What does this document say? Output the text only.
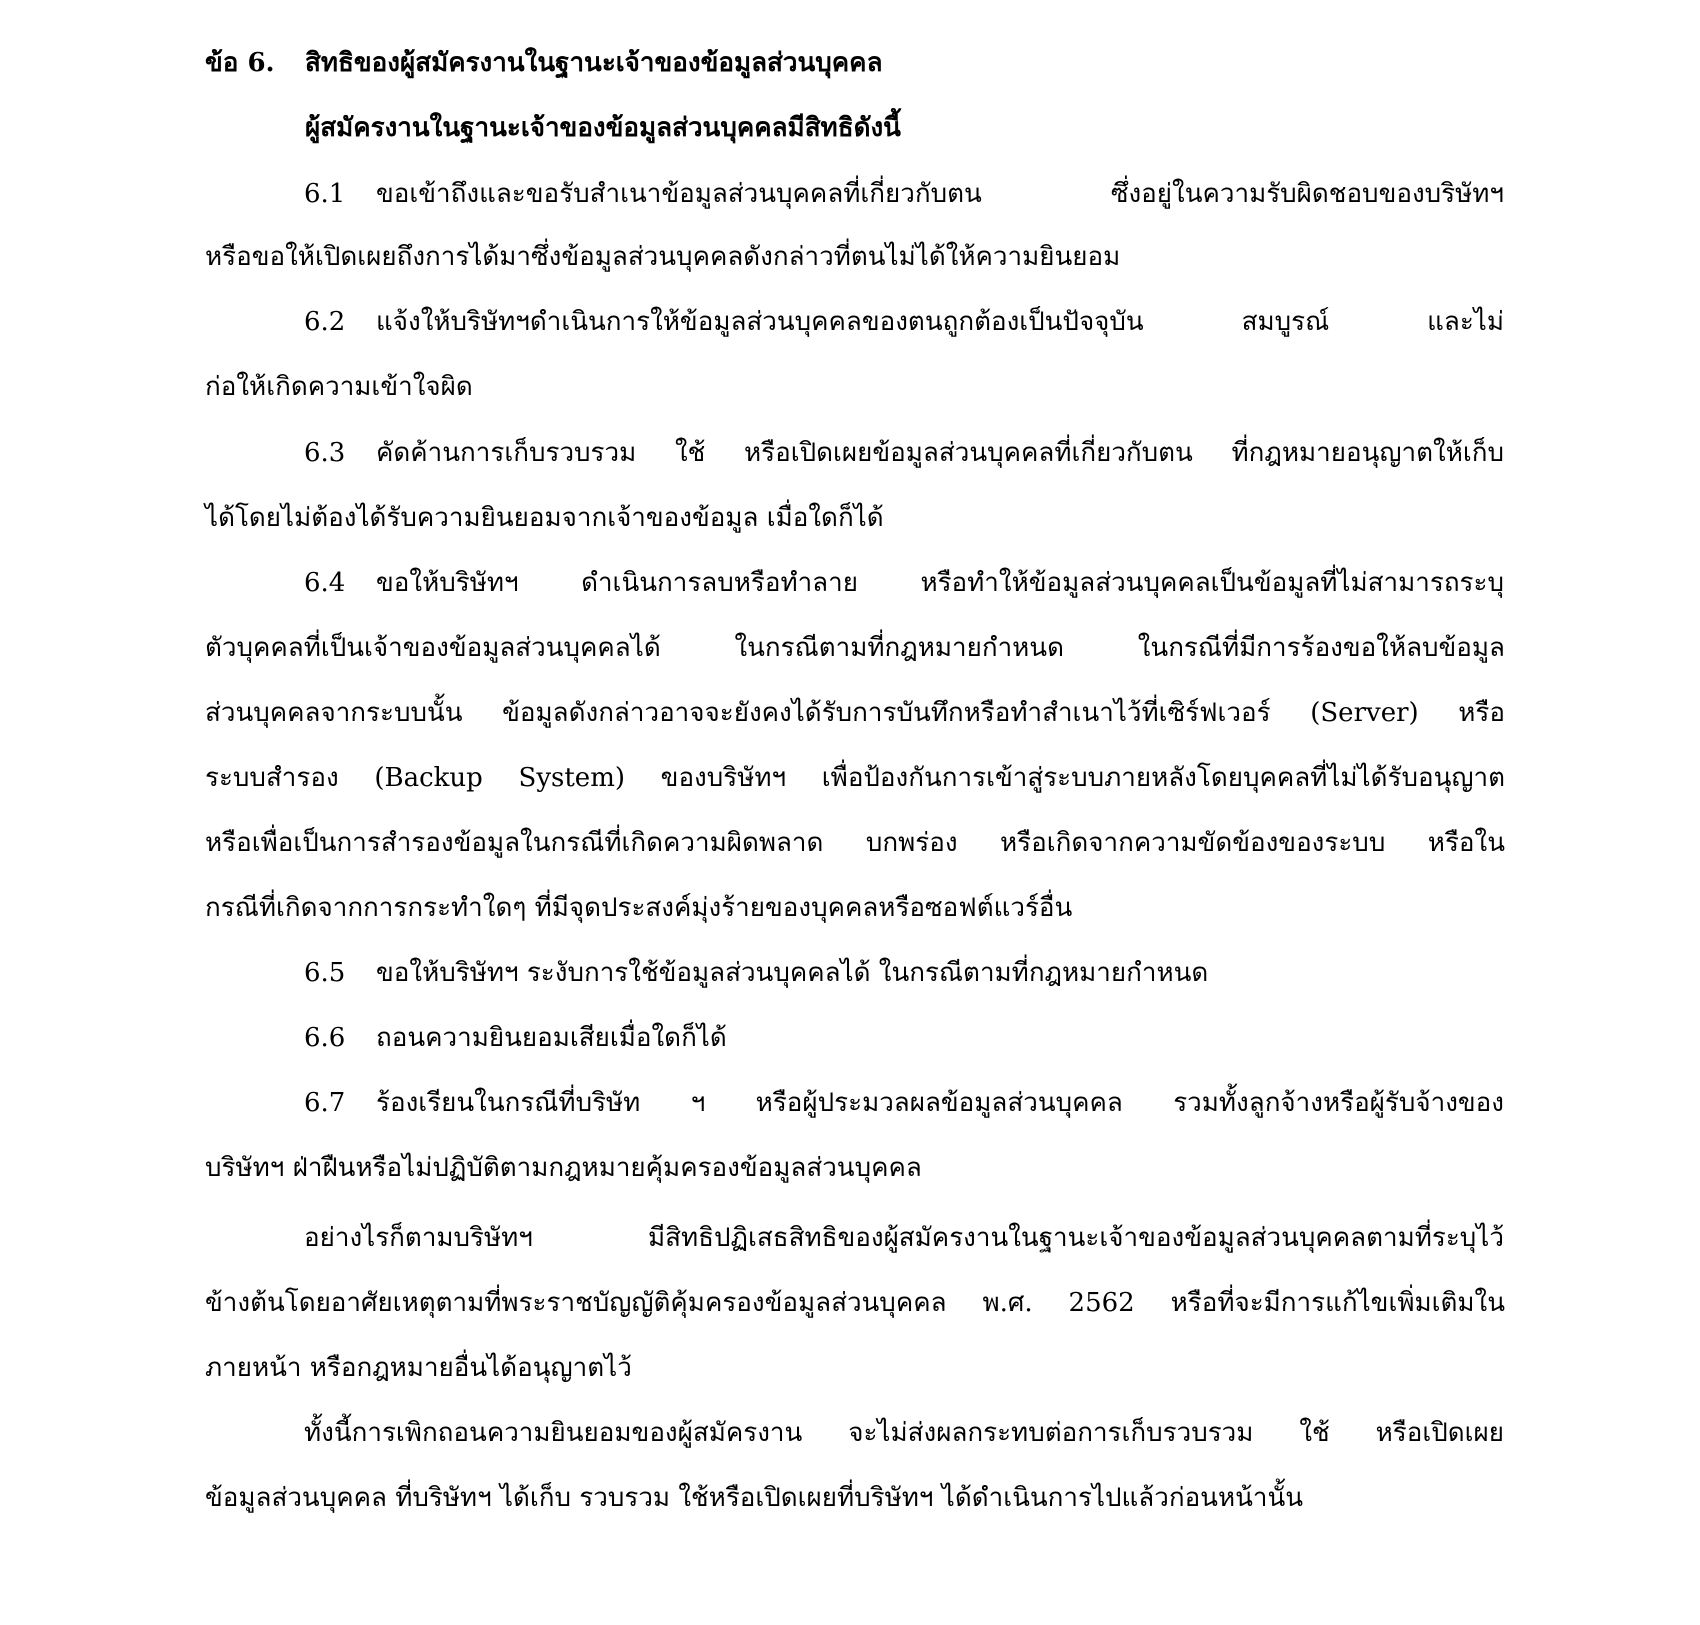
ข้อ 6. สิทธิของผู้สมัครงานในฐานะเจ้าของข้อมูลส่วนบุคคล
ผู้สมัครงานในฐานะเจ้าของข้อมูลส่วนบุคคลมีสิทธิดังนี้
6.1 ขอเข้าถึงและขอรับสำเนาข้อมูลส่วนบุคคลที่เกี่ยวกับตน ซึ่งอยู่ในความรับผิดชอบของบริษัทฯ
หรือขอให้เปิดเผยถึงการได้มาซึ่งข้อมูลส่วนบุคคลดังกล่าวที่ตนไม่ได้ให้ความยินยอม
6.2 แจ้งให้บริษัทฯดำเนินการให้ข้อมูลส่วนบุคคลของตนถูกต้องเป็นปัจจุบัน สมบูรณ์ และไม่
ก่อให้เกิดความเข้าใจผิด
6.3 คัดค้านการเก็บรวบรวม ใช้ หรือเปิดเผยข้อมูลส่วนบุคคลที่เกี่ยวกับตน ที่กฎหมายอนุญาตให้เก็บ
ได้โดยไม่ต้องได้รับความยินยอมจากเจ้าของข้อมูล เมื่อใดก็ได้
6.4 ขอให้บริษัทฯ ดำเนินการลบหรือทำลาย หรือทำให้ข้อมูลส่วนบุคคลเป็นข้อมูลที่ไม่สามารถระบุ
ตัวบุคคลที่เป็นเจ้าของข้อมูลส่วนบุคคลได้ ในกรณีตามที่กฎหมายกำหนด ในกรณีที่มีการร้องขอให้ลบข้อมูล
ส่วนบุคคลจากระบบนั้น ข้อมูลดังกล่าวอาจจะยังคงได้รับการบันทึกหรือทำสำเนาไว้ที่เซิร์ฟเวอร์ (Server) หรือ
ระบบสำรอง (Backup System) ของบริษัทฯ เพื่อป้องกันการเข้าสู่ระบบภายหลังโดยบุคคลที่ไม่ได้รับอนุญาต
หรือเพื่อเป็นการสำรองข้อมูลในกรณีที่เกิดความผิดพลาด บกพร่อง หรือเกิดจากความขัดข้องของระบบ หรือใน
กรณีที่เกิดจากการกระทำใดๆ ที่มีจุดประสงค์มุ่งร้ายของบุคคลหรือซอฟต์แวร์อื่น
6.5 ขอให้บริษัทฯ ระงับการใช้ข้อมูลส่วนบุคคลได้ ในกรณีตามที่กฎหมายกำหนด
6.6 ถอนความยินยอมเสียเมื่อใดก็ได้
6.7 ร้องเรียนในกรณีที่บริษัท ฯ หรือผู้ประมวลผลข้อมูลส่วนบุคคล รวมทั้งลูกจ้างหรือผู้รับจ้างของ
บริษัทฯ ฝ่าฝืนหรือไม่ปฏิบัติตามกฎหมายคุ้มครองข้อมูลส่วนบุคคล
อย่างไรก็ตามบริษัทฯ มีสิทธิปฏิเสธสิทธิของผู้สมัครงานในฐานะเจ้าของข้อมูลส่วนบุคคลตามที่ระบุไว้
ข้างต้นโดยอาศัยเหตุตามที่พระราชบัญญัติคุ้มครองข้อมูลส่วนบุคคล พ.ศ. 2562 หรือที่จะมีการแก้ไขเพิ่มเติมใน
ภายหน้า หรือกฎหมายอื่นได้อนุญาตไว้
ทั้งนี้การเพิกถอนความยินยอมของผู้สมัครงาน จะไม่ส่งผลกระทบต่อการเก็บรวบรวม ใช้ หรือเปิดเผย
ข้อมูลส่วนบุคคล ที่บริษัทฯ ได้เก็บ รวบรวม ใช้หรือเปิดเผยที่บริษัทฯ ได้ดำเนินการไปแล้วก่อนหน้านั้น
